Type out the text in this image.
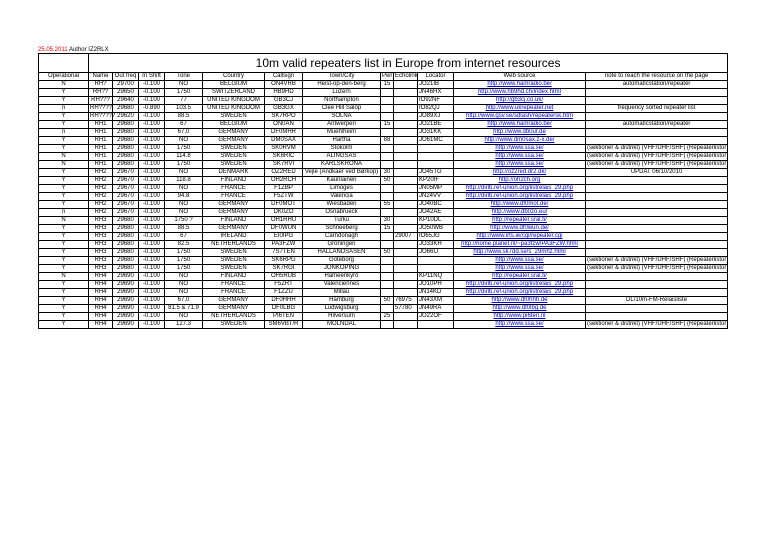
25.05.2011 Author IZ2RLX
	10m valid repeaters list in Europe from internet resources											
Operational	Name	Out freq	In Shift	Tone	Country	Callsign	Town/City	Pwr	Echolink	Locator	Web source	note to reach the resource on the page
N	RH?	29700	-0.100	NO	BELGIUM	ON4VRB	Heist-op-den-berg	15		JO21IB	http://www.hamradio.be/	automaticstation/repeater
Y	RH??	29650	-0.100	1750	SWITZERLAND	HB9HD	Luzern			JN46HX	http://www.hb9hd.ch/index.html	
Y	RH???	29640	-0.100	77	UNITED KINGDOM	GB3CJ	Northampton			IO92NF	http://gb3cj.co.uk/	
n	RH????	29680	-0.890	103.5	UNITED KINGDOM	GB3GX	Clee Hill Salop			IO82QJ	http://www.ukrepeater.net	frequency sorted repeater list
Y	RH?????	29620	-0.100	88.5	SWEDEN	SK7RPO	SOLNA			JO89XJ	http://www.gsv.se/sdlash/repeatersk.htm	
Y	RH1	29680	-0.100	67	BELGIUM	ON0AN	Antwerpen	15		JO21BE	http://www.hamradio.be/	automaticstation/repeater
n	RH1	29680	-0.100	67.0	GERMANY	DF0MHR	Muehlheim			JO31KK	http://www.db0ur.de	
Y	RH1	29680	-0.100	NO	GERMANY	DM0SAX	Hartha	88		JO61MC	http://www.dm0sax.z-x.de/	
Y	RH1	29680	-0.100	1750	SWEDEN	SK0RVM	Stokolm				http://www.ssa.se/	(sektioner & distrikt) (VHF/UHF/SHF) (Repeaterlistor)
N	RH1	29680	-0.100	114.8	SWEDEN	SK6RIC	ALINGSAS				http://www.ssa.se/	(sektioner & distrikt) (VHF/UHF/SHF) (Repeaterlistor)
N	RH1	29680	-0.100	1750	SWEDEN	SK7RVI	KARLSKRONA				http://www.ssa.se/	(sektioner & distrikt) (VHF/UHF/SHF) (Repeaterlistor)
Y	RH2	29670	-0.100	NO	DENMARK	OZ2RED	Vejle (Andkaer ved Børkop)	30		JO45TG	http://oz2red.dr2.dk/	UPDAT 06/10/2010
Y	RH2	29670	-0.100	118.8	FINLAND	OH2RCH	Kauniainen	50		KP20IF	http://oh2ch.org	
Y	RH2	29670	-0.100	NO	FRANCE	F1ZBP	Limoges			JN05MP	http://dirlb.ref-union.org/listrelais_29.php	
Y	RH2	29670	-0.100	94.8	FRANCE	F5ZTW	Valencia			JN24VV	http://dirlb.ref-union.org/listrelais_29.php	
Y	RH2	29670	-0.100	NO	GERMANY	DF0MOT	Wiesbaden	55		JO40BC	http://www.df0mot.de/	
n	RH2	29670	-0.100	NO	GERMANY	DK0ZO	Osnabrueck			JO42AE	http://www.db0zo.eu/	
N	RH3	29680	-0.100	1750 ?	FINLAND	OH1RHU	Turku	30		KP10DL	http://repeater.sral.fi/	
Y	RH3	29680	-0.100	88.5	GERMANY	DF0WUN	Schneeberg	15		JO50WB	http://www.df0wun.de/	
Y	RH3	29680	-0.100	67	IRELAND	EI0IPG	Carndonagh		29007	IO65JG	http://www.irts.ie/cgi/repeater.cgi	
Y	RH3	29680	-0.100	82.5	NETHERLANDS	PA3FZW	Groningen			JO33KH	http://home.planet.nl/~pa3fzw/PA3FZW.html	
Y	RH3	29680	-0.100	1750	SWEDEN	7S7TEN	HALLANDSASEN	50		JO66IJ	http://www.sk7dd.se/s_29mhz.html	
Y	RH3	29680	-0.100	1750	SWEDEN	SK6RPG	Goteborg				http://www.ssa.se/	(sektioner & distrikt) (VHF/UHF/SHF) (Repeaterlistor)
Y	RH3	29680	-0.100	1750	SWEDEN	SK7RGI	JONKOPING				http://www.ssa.se/	(sektioner & distrikt) (VHF/UHF/SHF) (Repeaterlistor)
N	RH4	29690	-0.100	NO	FINLAND	OH5RUB	Hämeenkyrö			KP11NQ	http://repeater.sral.fi/	
Y	RH4	29690	-0.100	NO	FRANCE	F5ZRT	Valenciennes			JO10PH	http://dirlb.ref-union.org/listrelais_29.php	
Y	RH4	29690	-0.100	NO	FRANCE	F1ZZU	Millau			JN14KD	http://dirlb.ref-union.org/listrelais_29.php	
Y	RH4	29690	-0.100	67.0	GERMANY	DF0HHH	Hamburg	50	76975	JN43XM	http://www.df0hhh.de	DL/10m-FM-Relaisliste
Y	RH4	29690	-0.100	81.5 & 71.9	GERMANY	DF0LBG	Ludwigsburg		57780	JN49RA	http://www.df0lbg.de	
Y	RH4	29690	-0.100	NO	NETHERLANDS	PI6TEN	Hilversum	25		JO22OF	http://www.pi6ten.nl	
Y	RH4	29690	-0.100	127.3	SWEDEN	SM6VBT/R	MOLNDAL				http://www.ssa.se/	(sektioner & distrikt) (VHF/UHF/SHF) (Repeaterlistor)
